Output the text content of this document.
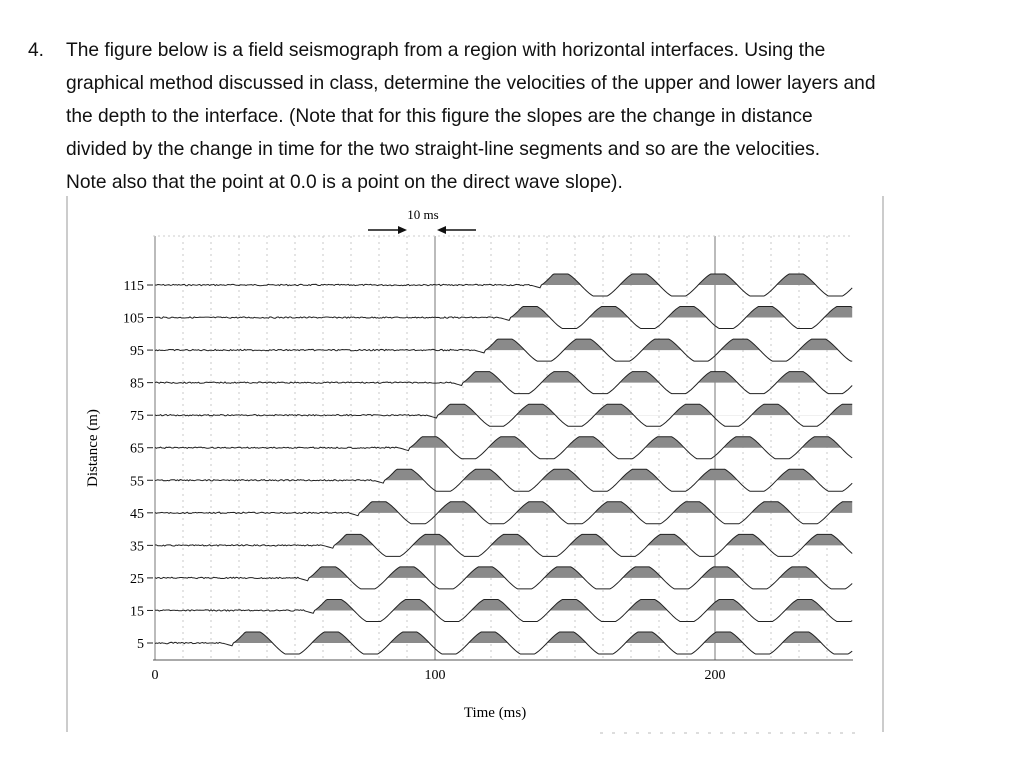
4. The figure below is a field seismograph from a region with horizontal interfaces. Using the
graphical method discussed in class, determine the velocities of the upper and lower layers and
the depth to the interface. (Note that for this figure the slopes are the change in distance
divided by the change in time for the two straight-line segments and so are the velocities.
Note also that the point at 0.0 is a point on the direct wave slope).
10 ms
115
105
95
85
75
65
55
45
35
25
15
5
0	100	200
Time (ms)
Distance (m)
